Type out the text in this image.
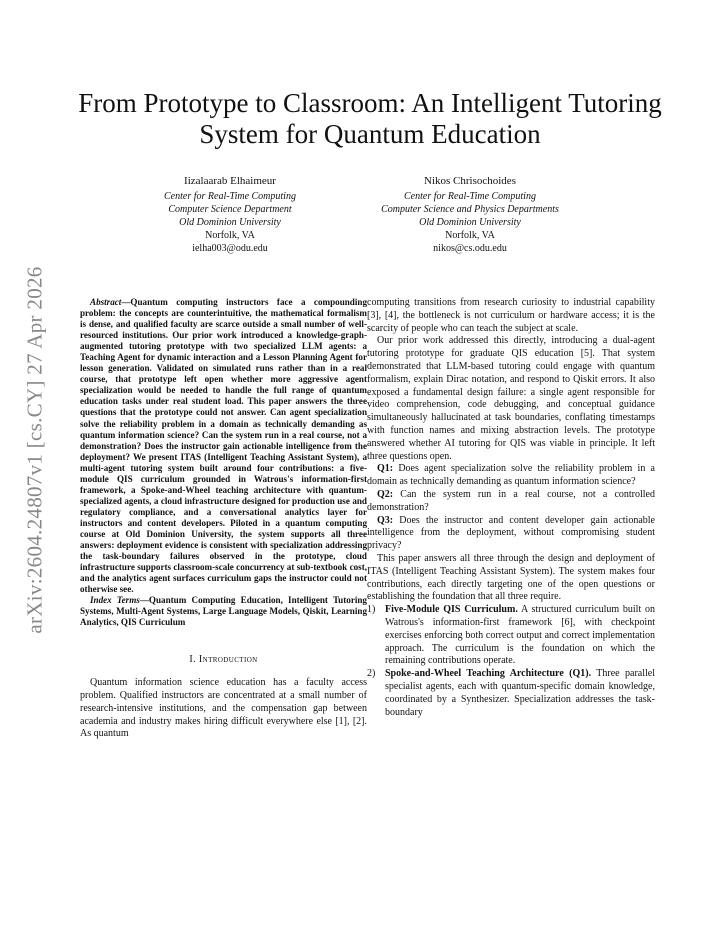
arXiv:2604.24807v1 [cs.CY] 27 Apr 2026
From Prototype to Classroom: An Intelligent Tutoring System for Quantum Education
Iizalaarab Elhaimeur
Center for Real-Time Computing
Computer Science Department
Old Dominion University
Norfolk, VA
ielha003@odu.edu
Nikos Chrisochoides
Center for Real-Time Computing
Computer Science and Physics Departments
Old Dominion University
Norfolk, VA
nikos@cs.odu.edu

Abstract—Quantum computing instructors face a compounding problem: the concepts are counterintuitive, the mathematical formalism is dense, and qualified faculty are scarce outside a small number of well-resourced institutions. Our prior work introduced a knowledge-graph-augmented tutoring prototype with two specialized LLM agents: a Teaching Agent for dynamic interaction and a Lesson Planning Agent for lesson generation. Validated on simulated runs rather than in a real course, that prototype left open whether more aggressive agent specialization would be needed to handle the full range of quantum education tasks under real student load. This paper answers the three questions that the prototype could not answer. Can agent specialization solve the reliability problem in a domain as technically demanding as quantum information science? Can the system run in a real course, not a demonstration? Does the instructor gain actionable intelligence from the deployment? We present ITAS (Intelligent Teaching Assistant System), a multi-agent tutoring system built around four contributions: a five-module QIS curriculum grounded in Watrous's information-first framework, a Spoke-and-Wheel teaching architecture with quantum-specialized agents, a cloud infrastructure designed for production use and regulatory compliance, and a conversational analytics layer for instructors and content developers. Piloted in a quantum computing course at Old Dominion University, the system supports all three answers: deployment evidence is consistent with specialization addressing the task-boundary failures observed in the prototype, cloud infrastructure supports classroom-scale concurrency at sub-textbook cost, and the analytics agent surfaces curriculum gaps the instructor could not otherwise see.

Index Terms—Quantum Computing Education, Intelligent Tutoring Systems, Multi-Agent Systems, Large Language Models, Qiskit, Learning Analytics, QIS Curriculum

I. Introduction

Quantum information science education has a faculty access problem. Qualified instructors are concentrated at a small number of research-intensive institutions, and the compensation gap between academia and industry makes hiring difficult everywhere else [1], [2]. As quantum

computing transitions from research curiosity to industrial capability [3], [4], the bottleneck is not curriculum or hardware access; it is the scarcity of people who can teach the subject at scale.

Our prior work addressed this directly, introducing a dual-agent tutoring prototype for graduate QIS education [5]. That system demonstrated that LLM-based tutoring could engage with quantum formalism, explain Dirac notation, and respond to Qiskit errors. It also exposed a fundamental design failure: a single agent responsible for video comprehension, code debugging, and conceptual guidance simultaneously hallucinated at task boundaries, conflating timestamps with function names and mixing abstraction levels. The prototype answered whether AI tutoring for QIS was viable in principle. It left three questions open.

Q1: Does agent specialization solve the reliability problem in a domain as technically demanding as quantum information science?

Q2: Can the system run in a real course, not a controlled demonstration?

Q3: Does the instructor and content developer gain actionable intelligence from the deployment, without compromising student privacy?

This paper answers all three through the design and deployment of ITAS (Intelligent Teaching Assistant System). The system makes four contributions, each directly targeting one of the open questions or establishing the foundation that all three require.

1) Five-Module QIS Curriculum. A structured curriculum built on Watrous's information-first framework [6], with checkpoint exercises enforcing both correct output and correct implementation approach. The curriculum is the foundation on which the remaining contributions operate.
2) Spoke-and-Wheel Teaching Architecture (Q1). Three parallel specialist agents, each with quantum-specific domain knowledge, coordinated by a Synthesizer. Specialization addresses the task-boundary
